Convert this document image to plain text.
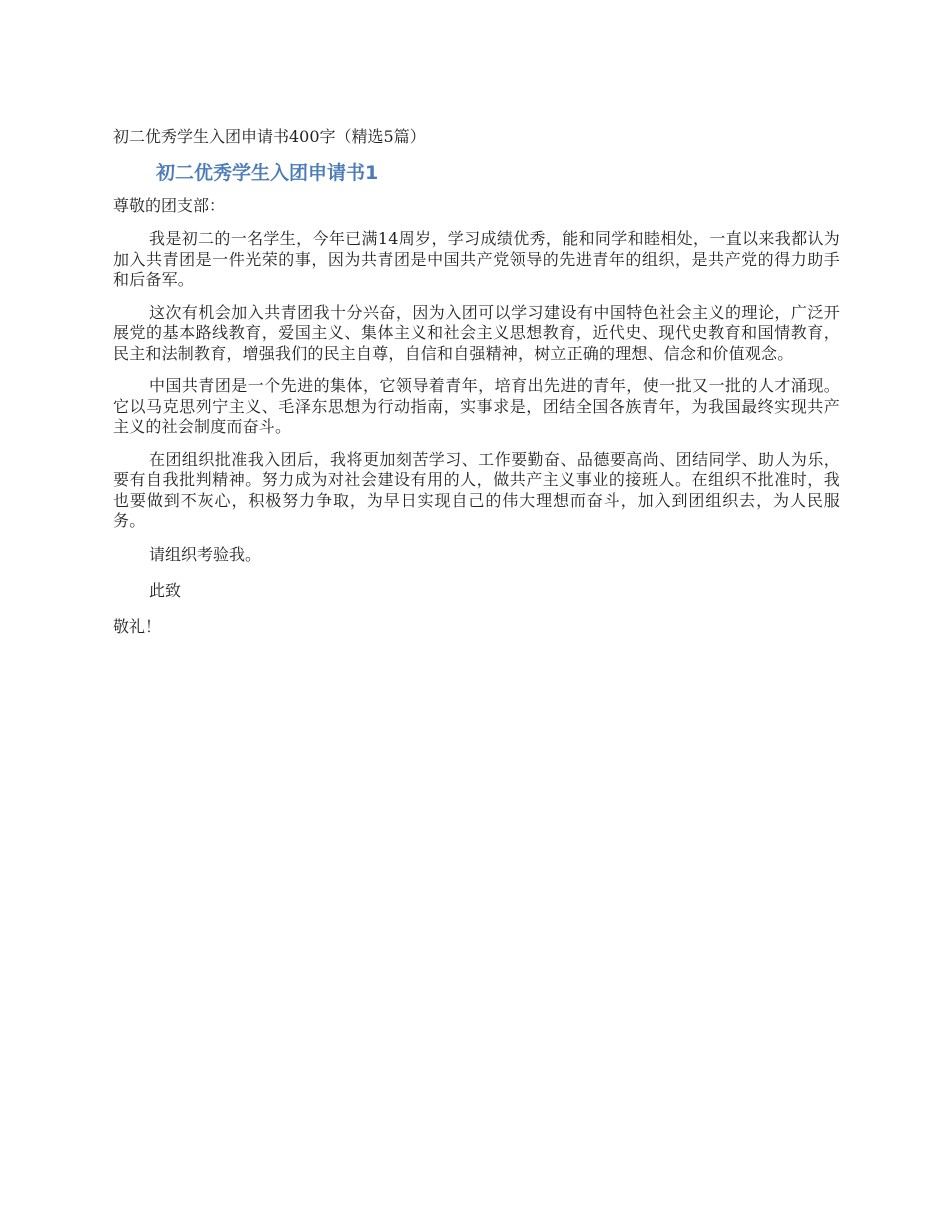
初二优秀学生入团申请书400字（精选5篇）
初二优秀学生入团申请书1
尊敬的团支部：

我是初二的一名学生，今年已满14周岁，学习成绩优秀，能和同学和睦相处，一直以来我都认为加入共青团是一件光荣的事，因为共青团是中国共产党领导的先进青年的组织，是共产党的得力助手和后备军。

这次有机会加入共青团我十分兴奋，因为入团可以学习建设有中国特色社会主义的理论，广泛开展党的基本路线教育，爱国主义、集体主义和社会主义思想教育，近代史、现代史教育和国情教育，民主和法制教育，增强我们的民主自尊，自信和自强精神，树立正确的理想、信念和价值观念。

中国共青团是一个先进的集体，它领导着青年，培育出先进的青年，使一批又一批的人才涌现。它以马克思列宁主义、毛泽东思想为行动指南，实事求是，团结全国各族青年，为我国最终实现共产主义的社会制度而奋斗。

在团组织批准我入团后，我将更加刻苦学习、工作要勤奋、品德要高尚、团结同学、助人为乐，要有自我批判精神。努力成为对社会建设有用的人，做共产主义事业的接班人。在组织不批准时，我也要做到不灰心，积极努力争取，为早日实现自己的伟大理想而奋斗，加入到团组织去，为人民服务。

请组织考验我。

此致

敬礼！
